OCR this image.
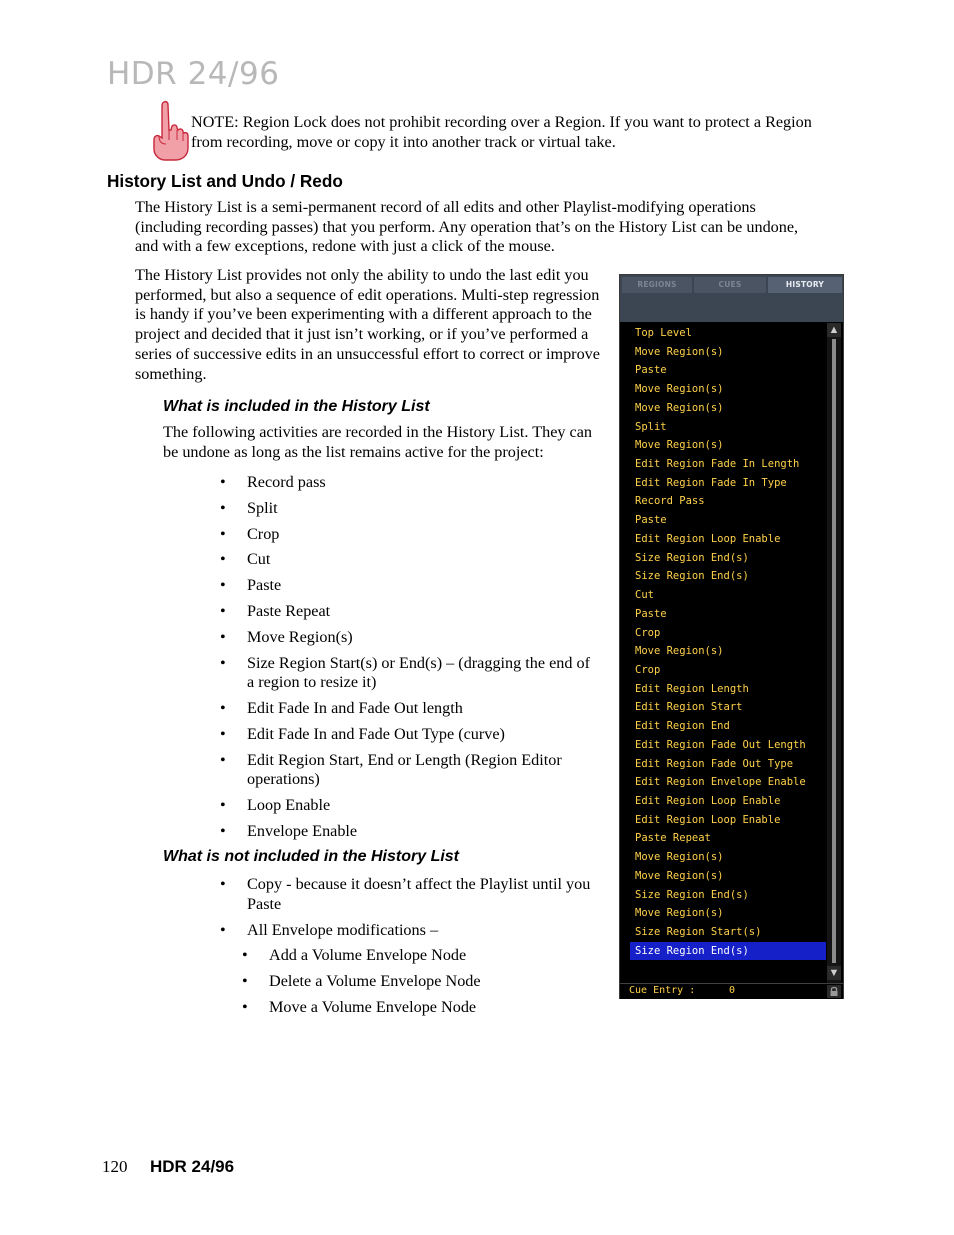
HDR 24/96
NOTE: Region Lock does not prohibit recording over a Region. If you want to protect a Region from recording, move or copy it into another track or virtual take.
History List and Undo / Redo

The History List is a semi-permanent record of all edits and other Playlist-modifying operations (including recording passes) that you perform. Any operation that’s on the History List can be undone, and with a few exceptions, redone with just a click of the mouse.

The History List provides not only the ability to undo the last edit you performed, but also a sequence of edit operations. Multi-step regression is handy if you’ve been experimenting with a different approach to the project and decided that it just isn’t working, or if you’ve performed a series of successive edits in an unsuccessful effort to correct or improve something.

What is included in the History List

The following activities are recorded in the History List. They can be undone as long as the list remains active for the project:

• Record pass
• Split
• Crop
• Cut
• Paste
• Paste Repeat
• Move Region(s)
• Size Region Start(s) or End(s) – (dragging the end of a region to resize it)
• Edit Fade In and Fade Out length
• Edit Fade In and Fade Out Type (curve)
• Edit Region Start, End or Length (Region Editor operations)
• Loop Enable
• Envelope Enable
What is not included in the History List
• Copy - because it doesn’t affect the Playlist until you Paste
• All Envelope modifications –
• Add a Volume Envelope Node
• Delete a Volume Envelope Node
• Move a Volume Envelope Node
REGIONS	CUES	HISTORY
Top Level
Move Region(s)
Paste
Move Region(s)
Move Region(s)
Split
Move Region(s)
Edit Region Fade In Length
Edit Region Fade In Type
Record Pass
Paste
Edit Region Loop Enable
Size Region End(s)
Size Region End(s)
Cut
Paste
Crop
Move Region(s)
Crop
Edit Region Length
Edit Region Start
Edit Region End
Edit Region Fade Out Length
Edit Region Fade Out Type
Edit Region Envelope Enable
Edit Region Loop Enable
Edit Region Loop Enable
Paste Repeat
Move Region(s)
Move Region(s)
Size Region End(s)
Move Region(s)
Size Region Start(s)
Size Region End(s)
▲
▼
Cue Entry :	0
120 HDR 24/96
